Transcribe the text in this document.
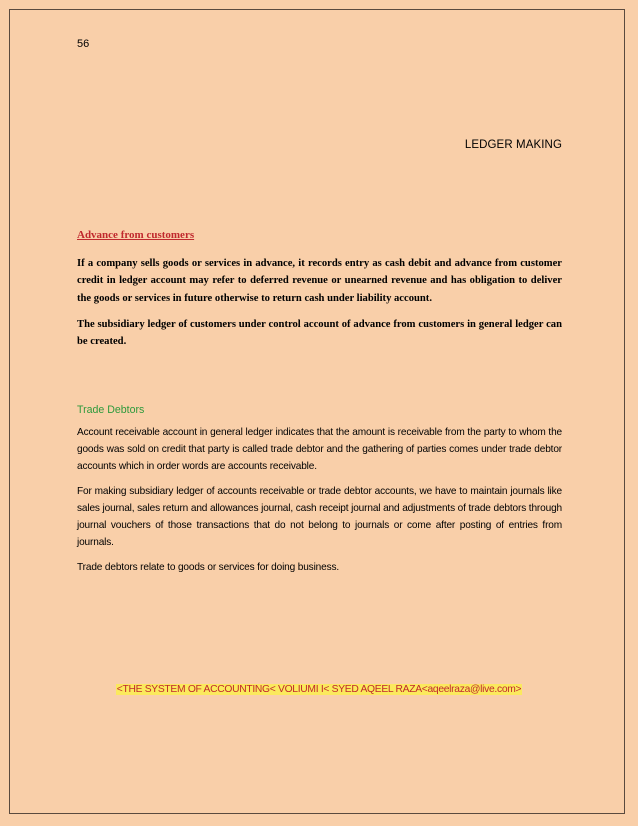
56
LEDGER MAKING
Advance from customers

If a company sells goods or services in advance, it records entry as cash debit and advance from customer credit in ledger account may refer to deferred revenue or unearned revenue and has obligation to deliver the goods or services in future otherwise to return cash under liability account.

The subsidiary ledger of customers under control account of advance from customers in general ledger can be created.

Trade Debtors

Account receivable account in general ledger indicates that the amount is receivable from the party to whom the goods was sold on credit that party is called trade debtor and the gathering of parties comes under trade debtor accounts which in order words are accounts receivable.

For making subsidiary ledger of accounts receivable or trade debtor accounts, we have to maintain journals like sales journal, sales return and allowances journal, cash receipt journal and adjustments of trade debtors through journal vouchers of those transactions that do not belong to journals or come after posting of entries from journals.

Trade debtors relate to goods or services for doing business.

<THE SYSTEM OF ACCOUNTING< VOLIUMI I< SYED AQEEL RAZA<aqeelraza@live.com>
